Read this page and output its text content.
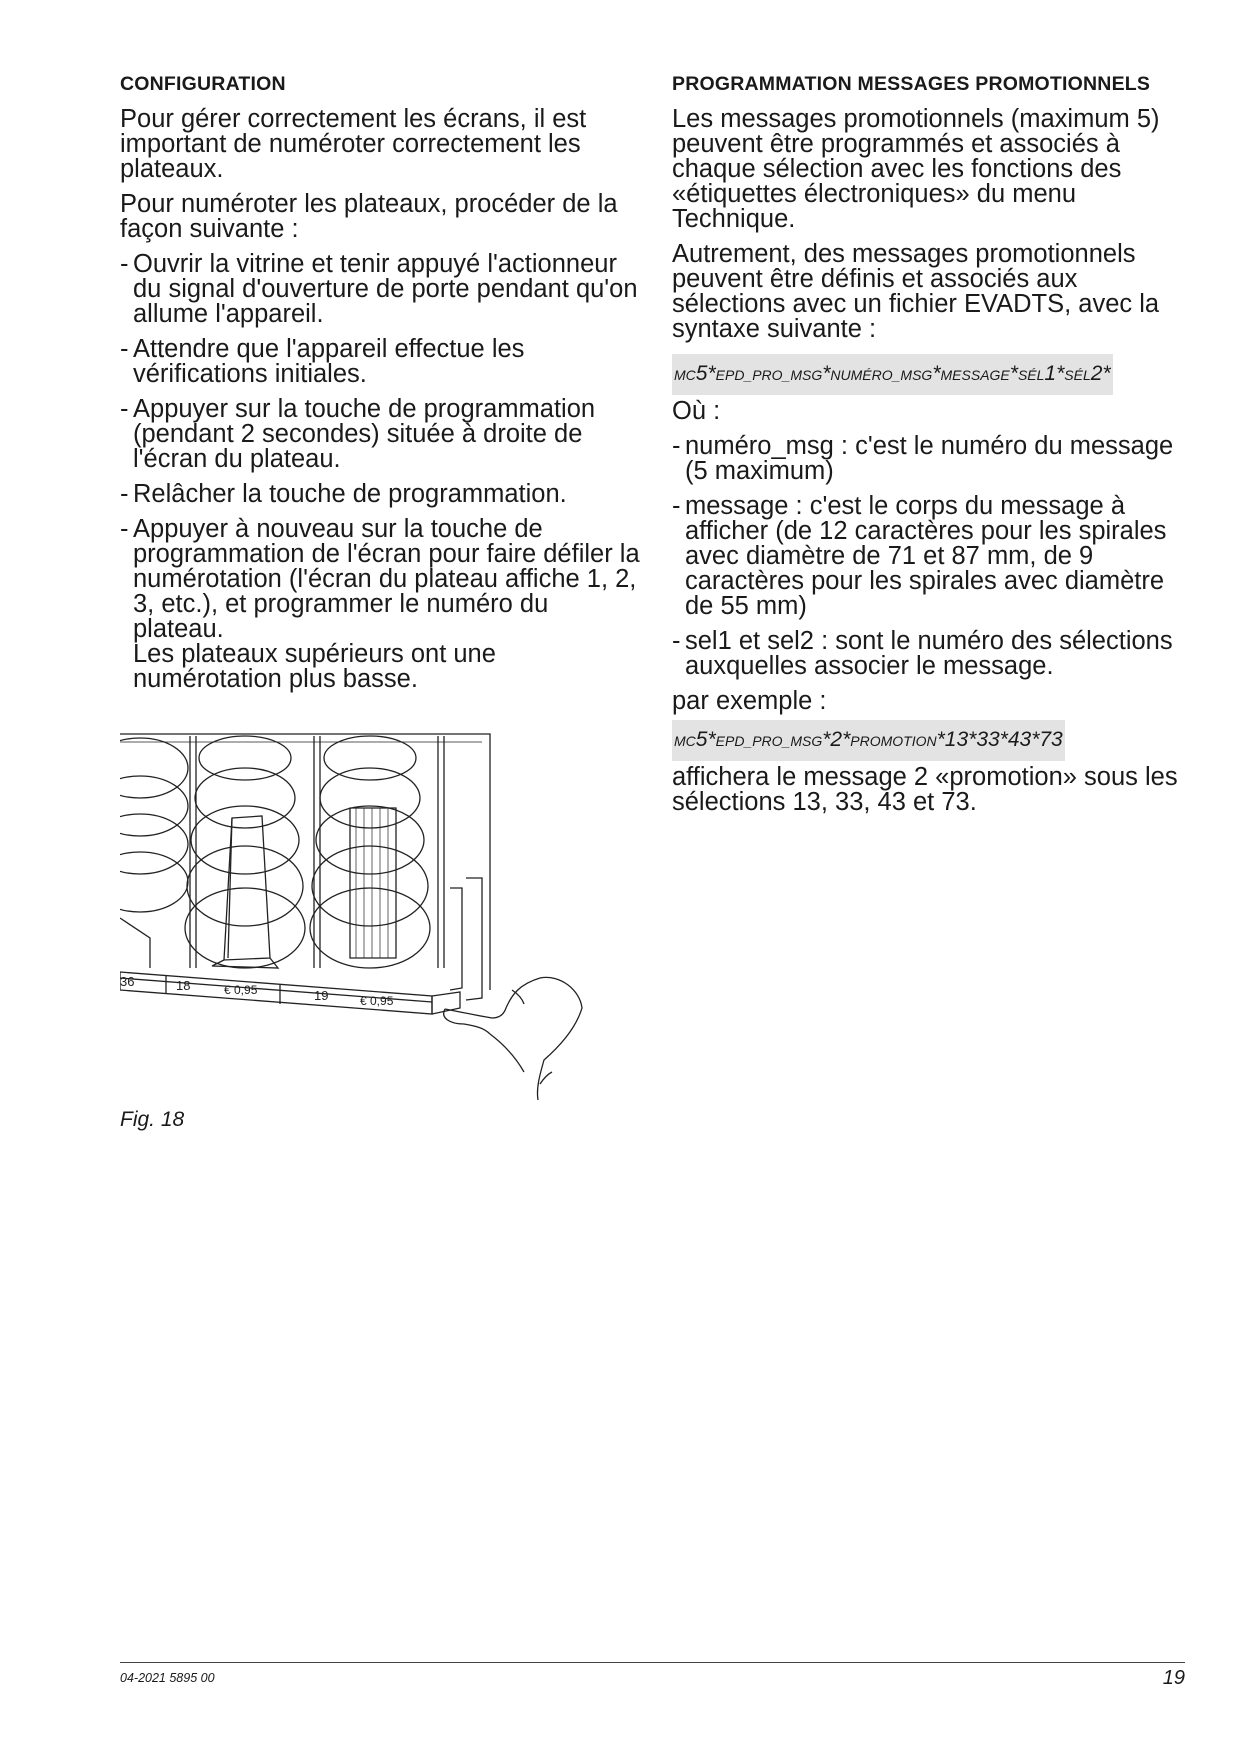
CONFIGURATION

Pour gérer correctement les écrans, il est important de numéroter correctement les plateaux.

Pour numéroter les plateaux, procéder de la façon suivante :

- Ouvrir la vitrine et tenir appuyé l'actionneur du signal d'ouverture de porte pendant qu'on allume l'appareil.
- Attendre que l'appareil effectue les vérifications initiales.
- Appuyer sur la touche de programmation (pendant 2 secondes) située à droite de l'écran du plateau.
- Relâcher la touche de programmation.
- Appuyer à nouveau sur la touche de programmation de l'écran pour faire défiler la numérotation (l'écran du plateau affiche 1, 2, 3, etc.), et programmer le numéro du plateau.
Les plateaux supérieurs ont une numérotation plus basse.
36	18	€ 0,95	19	€ 0,95
Fig. 18
PROGRAMMATION MESSAGES PROMOTIONNELS

Les messages promotionnels (maximum 5) peuvent être programmés et associés à chaque sélection avec les fonctions des «étiquettes électroniques» du menu Technique.

Autrement, des messages promotionnels peuvent être définis et associés aux sélections avec un fichier EVADTS, avec la syntaxe suivante :

MC5*EPD_PRO_MSG*NUMÉRO_MSG*MESSAGE*SÉL1*SÉL2*

Où :

- numéro_msg : c'est le numéro du message (5 maximum)
- message : c'est le corps du message à afficher (de 12 caractères pour les spirales avec diamètre de 71 et 87 mm, de 9 caractères pour les spirales avec diamètre de 55 mm)
- sel1 et sel2 : sont le numéro des sélections auxquelles associer le message.

par exemple :

MC5*EPD_PRO_MSG*2*PROMOTION*13*33*43*73

affichera le message 2 «promotion» sous les sélections 13, 33, 43 et 73.

04-2021 5895 00	19
